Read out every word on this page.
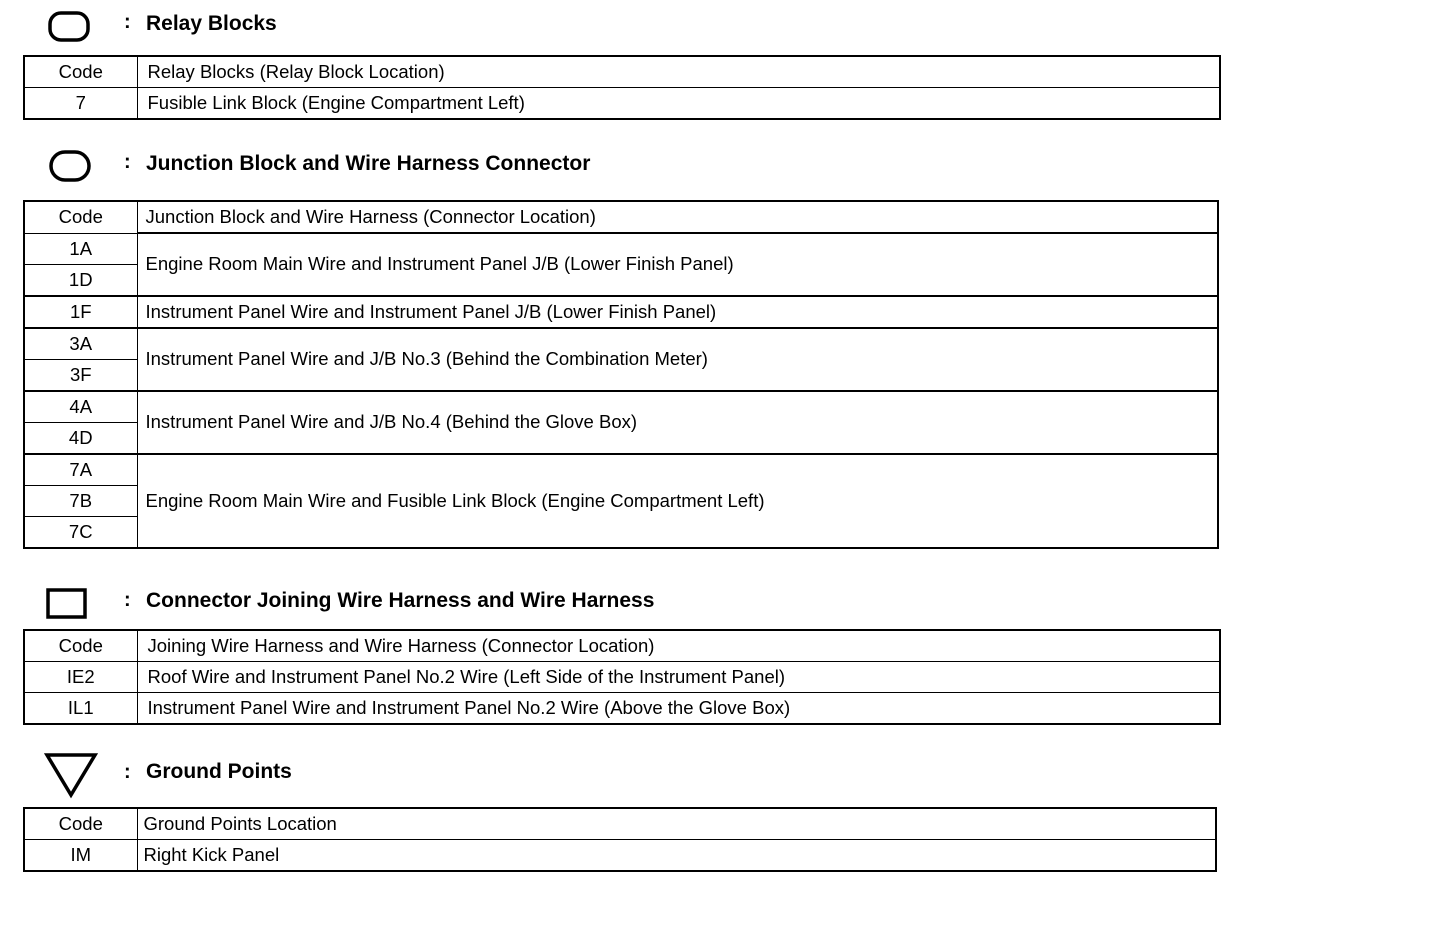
: Relay Blocks
Code	Relay Blocks (Relay Block Location)
7	Fusible Link Block (Engine Compartment Left)
: Junction Block and Wire Harness Connector
Code	Junction Block and Wire Harness (Connector Location)
1A	Engine Room Main Wire and Instrument Panel J/B (Lower Finish Panel)
1D	
1F	Instrument Panel Wire and Instrument Panel J/B (Lower Finish Panel)
3A	Instrument Panel Wire and J/B No.3 (Behind the Combination Meter)
3F	
4A	Instrument Panel Wire and J/B No.4 (Behind the Glove Box)
4D	
7A	Engine Room Main Wire and Fusible Link Block (Engine Compartment Left)
7B	
7C	
: Connector Joining Wire Harness and Wire Harness
Code	Joining Wire Harness and Wire Harness (Connector Location)
IE2	Roof Wire and Instrument Panel No.2 Wire (Left Side of the Instrument Panel)
IL1	Instrument Panel Wire and Instrument Panel No.2 Wire (Above the Glove Box)
: Ground Points
Code	Ground Points Location
IM	Right Kick Panel
